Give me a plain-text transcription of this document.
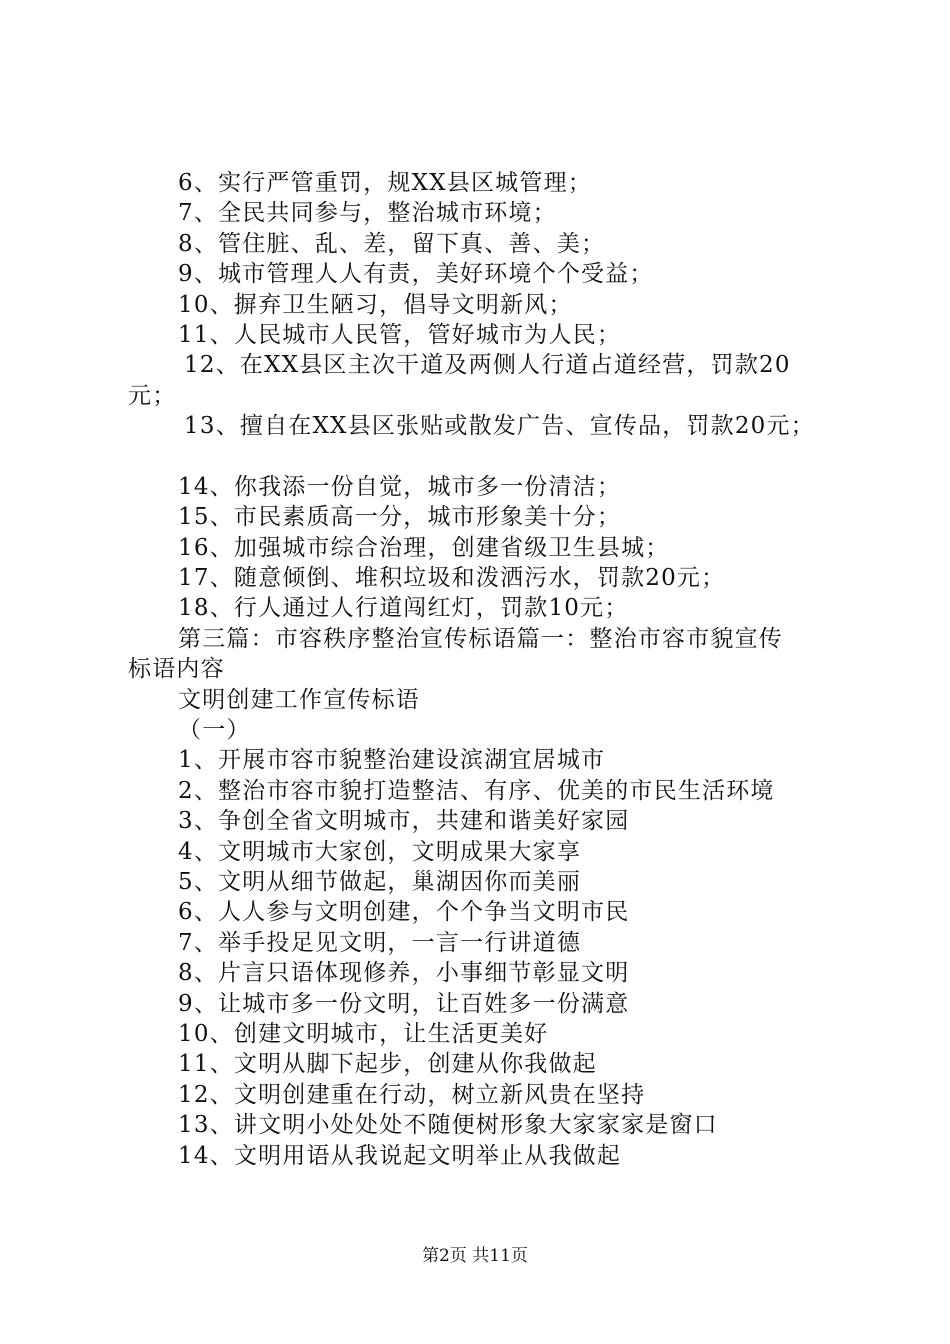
6、实行严管重罚，规XX县区城管理；
7、全民共同参与，整治城市环境；
8、管住脏、乱、差，留下真、善、美；
9、城市管理人人有责，美好环境个个受益；
10、摒弃卫生陋习，倡导文明新风；
11、人民城市人民管，管好城市为人民；
12、在XX县区主次干道及两侧人行道占道经营，罚款20
元；
13、擅自在XX县区张贴或散发广告、宣传品，罚款20元；
14、你我添一份自觉，城市多一份清洁；
15、市民素质高一分，城市形象美十分；
16、加强城市综合治理，创建省级卫生县城；
17、随意倾倒、堆积垃圾和泼洒污水，罚款20元；
18、行人通过人行道闯红灯，罚款10元；
第三篇：市容秩序整治宣传标语篇一：整治市容市貌宣传
标语内容
文明创建工作宣传标语
（一）
1、开展市容市貌整治建设滨湖宜居城市
2、整治市容市貌打造整洁、有序、优美的市民生活环境
3、争创全省文明城市，共建和谐美好家园
4、文明城市大家创，文明成果大家享
5、文明从细节做起，巢湖因你而美丽
6、人人参与文明创建，个个争当文明市民
7、举手投足见文明，一言一行讲道德
8、片言只语体现修养，小事细节彰显文明
9、让城市多一份文明，让百姓多一份满意
10、创建文明城市，让生活更美好
11、文明从脚下起步，创建从你我做起
12、文明创建重在行动，树立新风贵在坚持
13、讲文明小处处处不随便树形象大家家家是窗口
14、文明用语从我说起文明举止从我做起
第2页 共11页
